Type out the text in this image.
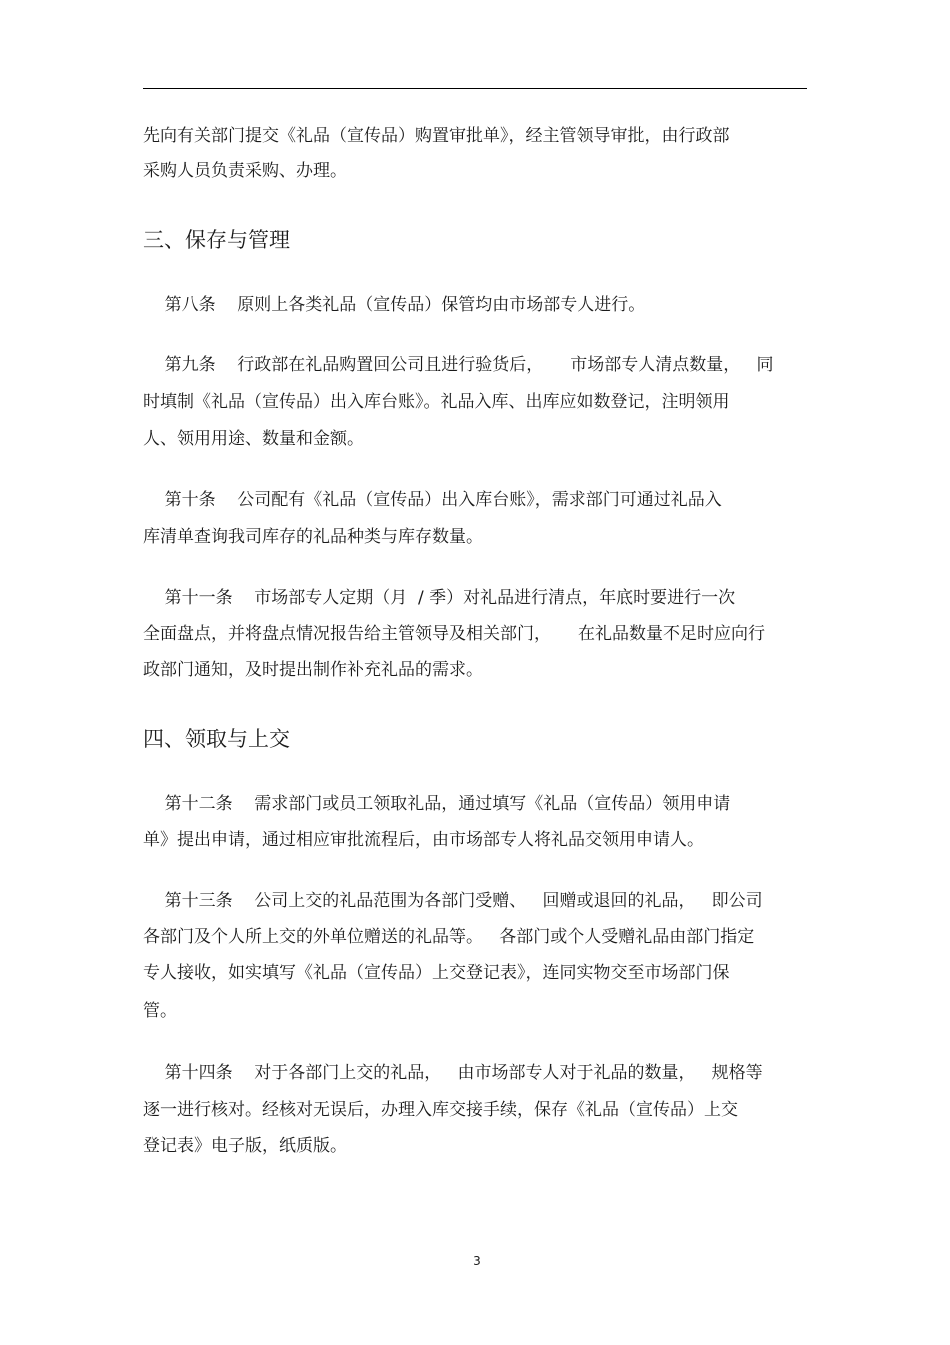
先向有关部门提交《礼品（宣传品）购置审批单》，经主管领导审批，由行政部
采购人员负责采购、办理。
三、保存与管理
第八条    原则上各类礼品（宣传品）保管均由市场部专人进行。
第九条    行政部在礼品购置回公司且进行验货后，     市场部专人清点数量，   同
时填制《礼品（宣传品）出入库台账》。礼品入库、出库应如数登记，注明领用
人、领用用途、数量和金额。
第十条    公司配有《礼品（宣传品）出入库台账》，需求部门可通过礼品入
库清单查询我司库存的礼品种类与库存数量。
第十一条    市场部专人定期（月  / 季）对礼品进行清点，年底时要进行一次
全面盘点，并将盘点情况报告给主管领导及相关部门，     在礼品数量不足时应向行
政部门通知，及时提出制作补充礼品的需求。
四、领取与上交
第十二条    需求部门或员工领取礼品，通过填写《礼品（宣传品）领用申请
单》提出申请，通过相应审批流程后，由市场部专人将礼品交领用申请人。
第十三条    公司上交的礼品范围为各部门受赠、   回赠或退回的礼品，   即公司
各部门及个人所上交的外单位赠送的礼品等。   各部门或个人受赠礼品由部门指定
专人接收，如实填写《礼品（宣传品）上交登记表》，连同实物交至市场部门保
管。
第十四条    对于各部门上交的礼品，   由市场部专人对于礼品的数量，   规格等
逐一进行核对。经核对无误后，办理入库交接手续，保存《礼品（宣传品）上交
登记表》电子版，纸质版。
3
